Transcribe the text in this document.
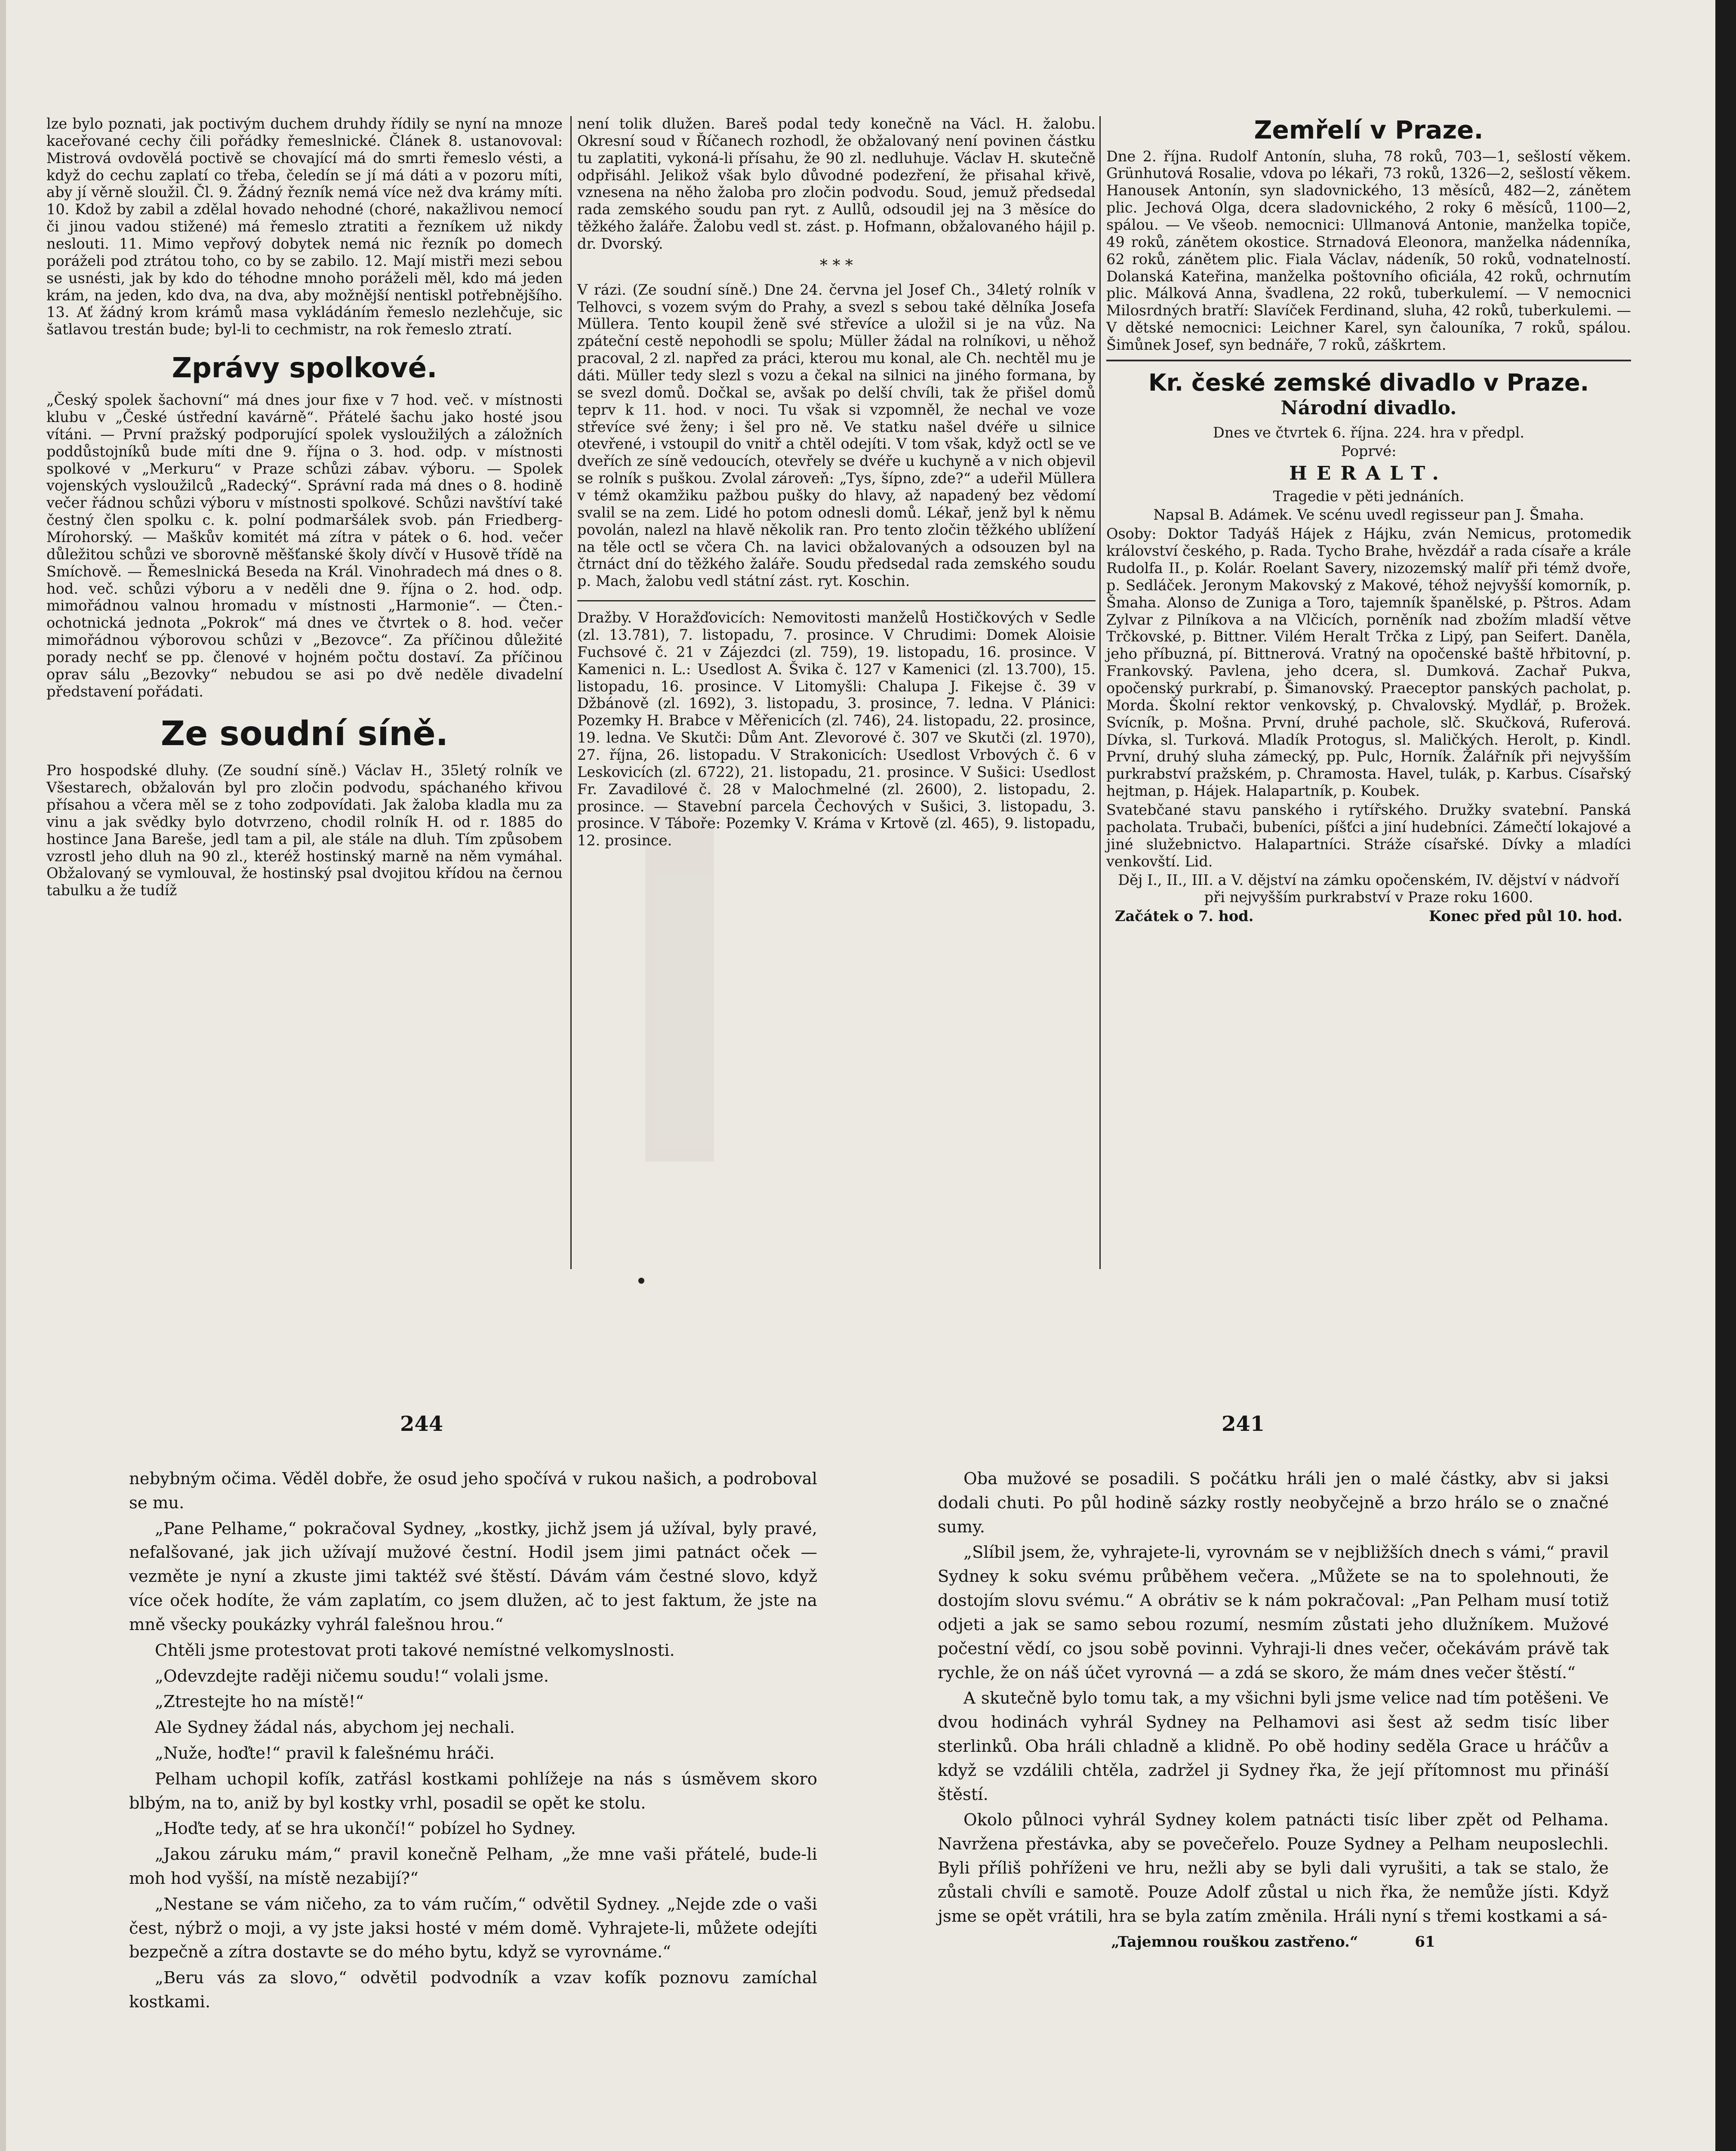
lze bylo poznati, jak poctivým duchem druhdy řídily se nyní na mnoze kaceřované cechy čili pořádky řemeslnické. Článek 8. ustanovoval: Mistrová ovdovělá poctivě se chovající má do smrti řemeslo vésti, a když do cechu zaplatí co třeba, čeledín se jí má dáti a v pozoru míti, aby jí věrně sloužil. Čl. 9. Žádný řezník nemá více než dva krámy míti. 10. Kdož by zabil a zdělal hovado nehodné (choré, nakažlivou nemocí či jinou vadou stižené) má řemeslo ztratiti a řezníkem už nikdy neslouti. 11. Mimo vepřový dobytek nemá nic řezník po domech poráželi pod ztrátou toho, co by se zabilo. 12. Mají mistři mezi sebou se usnésti, jak by kdo do téhodne mnoho poráželi měl, kdo má jeden krám, na jeden, kdo dva, na dva, aby možnější nentiskl potřebnějšího. 13. Ať žádný krom krámů masa vykládáním řemeslo nezlehčuje, sic šatlavou trestán bude; byl-li to cechmistr, na rok řemeslo ztratí.

Zprávy spolkové.

„Český spolek šachovní“ má dnes jour fixe v 7 hod. več. v místnosti klubu v „České ústřední kavárně“. Přátelé šachu jako hosté jsou vítáni. — První pražský podporující spolek vysloužilých a záložních poddůstojníků bude míti dne 9. října o 3. hod. odp. v místnosti spolkové v „Merkuru“ v Praze schůzi zábav. výboru. — Spolek vojenských vysloužilců „Radecký“. Správní rada má dnes o 8. hodině večer řádnou schůzi výboru v místnosti spolkové. Schůzi navštíví také čestný člen spolku c. k. polní podmaršálek svob. pán Friedberg-Mírohorský. — Maškův komitét má zítra v pátek o 6. hod. večer důležitou schůzi ve sborovně měšťanské školy dívčí v Husově třídě na Smíchově. — Řemeslnická Beseda na Král. Vinohradech má dnes o 8. hod. več. schůzi výboru a v neděli dne 9. října o 2. hod. odp. mimořádnou valnou hromadu v místnosti „Harmonie“. — Čten.-ochotnická jednota „Pokrok“ má dnes ve čtvrtek o 8. hod. večer mimořádnou výborovou schůzi v „Bezovce“. Za příčinou důležité porady nechť se pp. členové v hojném počtu dostaví. Za příčinou oprav sálu „Bezovky“ nebudou se asi po dvě neděle divadelní představení pořádati.

Ze soudní síně.

Pro hospodské dluhy. (Ze soudní síně.) Václav H., 35letý rolník ve Všestarech, obžalován byl pro zločin podvodu, spáchaného křivou přísahou a včera měl se z toho zodpovídati. Jak žaloba kladla mu za vinu a jak svědky bylo dotvrzeno, chodil rolník H. od r. 1885 do hostince Jana Bareše, jedl tam a pil, ale stále na dluh. Tím způsobem vzrostl jeho dluh na 90 zl., kteréž hostinský marně na něm vymáhal. Obžalovaný se vymlouval, že hostinský psal dvojitou křídou na černou tabulku a že tudíž

není tolik dlužen. Bareš podal tedy konečně na Václ. H. žalobu. Okresní soud v Říčanech rozhodl, že obžalovaný není povinen částku tu zaplatiti, vykoná-li přísahu, že 90 zl. nedluhuje. Václav H. skutečně odpřisáhl. Jelikož však bylo důvodné podezření, že přisahal křivě, vznesena na něho žaloba pro zločin podvodu. Soud, jemuž předsedal rada zemského soudu pan ryt. z Aullů, odsoudil jej na 3 měsíce do těžkého žaláře. Žalobu vedl st. zást. p. Hofmann, obžalovaného hájil p. dr. Dvorský.

* * *

V rázi. (Ze soudní síně.) Dne 24. června jel Josef Ch., 34letý rolník v Telhovci, s vozem svým do Prahy, a svezl s sebou také dělníka Josefa Müllera. Tento koupil ženě své střevíce a uložil si je na vůz. Na zpáteční cestě nepohodli se spolu; Müller žádal na rolníkovi, u něhož pracoval, 2 zl. napřed za práci, kterou mu konal, ale Ch. nechtěl mu je dáti. Müller tedy slezl s vozu a čekal na silnici na jiného formana, by se svezl domů. Dočkal se, avšak po delší chvíli, tak že přišel domů teprv k 11. hod. v noci. Tu však si vzpomněl, že nechal ve voze střevíce své ženy; i šel pro ně. Ve statku našel dvéře u silnice otevřené, i vstoupil do vnitř a chtěl odejíti. V tom však, když octl se ve dveřích ze síně vedoucích, otevřely se dvéře u kuchyně a v nich objevil se rolník s puškou. Zvolal zároveň: „Tys, šípno, zde?“ a udeřil Müllera v témž okamžiku pažbou pušky do hlavy, až napadený bez vědomí svalil se na zem. Lidé ho potom odnesli domů. Lékař, jenž byl k němu povolán, nalezl na hlavě několik ran. Pro tento zločin těžkého ublížení na těle octl se včera Ch. na lavici obžalovaných a odsouzen byl na čtrnáct dní do těžkého žaláře. Soudu předsedal rada zemského soudu p. Mach, žalobu vedl státní zást. ryt. Koschin.

Dražby. V Horažďovicích: Nemovitosti manželů Hostičkových v Sedle (zl. 13.781), 7. listopadu, 7. prosince. V Chrudimi: Domek Aloisie Fuchsové č. 21 v Zájezdci (zl. 759), 19. listopadu, 16. prosince. V Kamenici n. L.: Usedlost A. Švika č. 127 v Kamenici (zl. 13.700), 15. listopadu, 16. prosince. V Litomyšli: Chalupa J. Fikejse č. 39 v Džbánově (zl. 1692), 3. listopadu, 3. prosince, 7. ledna. V Plánici: Pozemky H. Brabce v Měřenicích (zl. 746), 24. listopadu, 22. prosince, 19. ledna. Ve Skutči: Dům Ant. Zlevorové č. 307 ve Skutči (zl. 1970), 27. října, 26. listopadu. V Strakonicích: Usedlost Vrbových č. 6 v Leskovicích (zl. 6722), 21. listopadu, 21. prosince. V Sušici: Usedlost Fr. Zavadilové č. 28 v Malochmelné (zl. 2600), 2. listopadu, 2. prosince. — Stavební parcela Čechových v Sušici, 3. listopadu, 3. prosince. V Táboře: Pozemky V. Kráma v Krtově (zl. 465), 9. listopadu, 12. prosince.

Zemřelí v Praze.

Dne 2. října. Rudolf Antonín, sluha, 78 roků, 703—1, sešlostí věkem. Grünhutová Rosalie, vdova po lékaři, 73 roků, 1326—2, sešlostí věkem. Hanousek Antonín, syn sladovnického, 13 měsíců, 482—2, zánětem plic. Jechová Olga, dcera sladovnického, 2 roky 6 měsíců, 1100—2, spálou. — Ve všeob. nemocnici: Ullmanová Antonie, manželka topiče, 49 roků, zánětem okostice. Strnadová Eleonora, manželka nádenníka, 62 roků, zánětem plic. Fiala Václav, nádeník, 50 roků, vodnatelností. Dolanská Kateřina, manželka poštovního oficiála, 42 roků, ochrnutím plic. Málková Anna, švadlena, 22 roků, tuberkulemí. — V nemocnici Milosrdných bratří: Slavíček Ferdinand, sluha, 42 roků, tuberkulemi. — V dětské nemocnici: Leichner Karel, syn čalouníka, 7 roků, spálou. Šimůnek Josef, syn bednáře, 7 roků, záškrtem.

Kr. české zemské divadlo v Praze.
Národní divadlo.

Dnes ve čtvrtek 6. října. 224. hra v předpl.

Poprvé:

HERALT.

Tragedie v pěti jednáních.

Napsal B. Adámek. Ve scénu uvedl regisseur pan J. Šmaha.

Osoby: Doktor Tadyáš Hájek z Hájku, zván Nemicus, protomedik království českého, p. Rada. Tycho Brahe, hvězdář a rada císaře a krále Rudolfa II., p. Kolár. Roelant Savery, nizozemský malíř při témž dvoře, p. Sedláček. Jeronym Makovský z Makové, téhož nejvyšší komorník, p. Šmaha. Alonso de Zuniga a Toro, tajemník španělské, p. Pštros. Adam Zylvar z Pilníkova a na Vlčicích, porněník nad zbožím mladší větve Trčkovské, p. Bittner. Vilém Heralt Trčka z Lipý, pan Seifert. Daněla, jeho příbuzná, pí. Bittnerová. Vratný na opočenské baště hřbitovní, p. Frankovský. Pavlena, jeho dcera, sl. Dumková. Zachař Pukva, opočenský purkrabí, p. Šimanovský. Praeceptor panských pacholat, p. Morda. Školní rektor venkovský, p. Chvalovský. Mydlář, p. Brožek. Svícník, p. Mošna. První, druhé pachole, slč. Skučková, Ruferová. Dívka, sl. Turková. Mladík Protogus, sl. Maličkých. Herolt, p. Kindl. První, druhý sluha zámecký, pp. Pulc, Horník. Žalářník při nejvyšším purkrabství pražském, p. Chramosta. Havel, tulák, p. Karbus. Císařský hejtman, p. Hájek. Halapartník, p. Koubek.

Svatebčané stavu panského i rytířského. Družky svatební. Panská pacholata. Trubači, bubeníci, píšťci a jiní hudebníci. Zámečtí lokajové a jiné služebnictvo. Halapartníci. Stráže císařské. Dívky a mladíci venkovští. Lid.

Děj I., II., III. a V. dějství na zámku opočenském, IV. dějství v nádvoří při nejvyšším purkrabství v Praze roku 1600.

Začátek o 7. hod.	Konec před půl 10. hod.
244	241

nebybným očima. Věděl dobře, že osud jeho spočívá v rukou našich, a podroboval se mu.

„Pane Pelhame,“ pokračoval Sydney, „kostky, jichž jsem já užíval, byly pravé, nefalšované, jak jich užívají mužové čestní. Hodil jsem jimi patnáct oček — vezměte je nyní a zkuste jimi taktéž své štěstí. Dávám vám čestné slovo, když více oček hodíte, že vám zaplatím, co jsem dlužen, ač to jest faktum, že jste na mně všecky poukázky vyhrál falešnou hrou.“

Chtěli jsme protestovat proti takové nemístné velkomyslnosti.

„Odevzdejte raději ničemu soudu!“ volali jsme.

„Ztrestejte ho na místě!“

Ale Sydney žádal nás, abychom jej nechali.

„Nuže, hoďte!“ pravil k falešnému hráči.

Pelham uchopil kofík, zatřásl kostkami pohlížeje na nás s úsměvem skoro blbým, na to, aniž by byl kostky vrhl, posadil se opět ke stolu.

„Hoďte tedy, ať se hra ukončí!“ pobízel ho Sydney.

„Jakou záruku mám,“ pravil konečně Pelham, „že mne vaši přátelé, bude-li moh hod vyšší, na místě nezabijí?“

„Nestane se vám ničeho, za to vám ručím,“ odvětil Sydney. „Nejde zde o vaši čest, nýbrž o moji, a vy jste jaksi hosté v mém domě. Vyhrajete-li, můžete odejíti bezpečně a zítra dostavte se do mého bytu, když se vyrovnáme.“

„Beru vás za slovo,“ odvětil podvodník a vzav kofík poznovu zamíchal kostkami.

Oba mužové se posadili. S počátku hráli jen o malé částky, abv si jaksi dodali chuti. Po půl hodině sázky rostly neobyčejně a brzo hrálo se o značné sumy.

„Slíbil jsem, že, vyhrajete-li, vyrovnám se v nejbližších dnech s vámi,“ pravil Sydney k soku svému průběhem večera. „Můžete se na to spolehnouti, že dostojím slovu svému.“ A obrátiv se k nám pokračoval: „Pan Pelham musí totiž odjeti a jak se samo sebou rozumí, nesmím zůstati jeho dlužníkem. Mužové počestní vědí, co jsou sobě povinni. Vyhraji-li dnes večer, očekávám právě tak rychle, že on náš účet vyrovná — a zdá se skoro, že mám dnes večer štěstí.“

A skutečně bylo tomu tak, a my všichni byli jsme velice nad tím potěšeni. Ve dvou hodinách vyhrál Sydney na Pelhamovi asi šest až sedm tisíc liber sterlinků. Oba hráli chladně a klidně. Po obě hodiny seděla Grace u hráčův a když se vzdálili chtěla, zadržel ji Sydney řka, že její přítomnost mu přináší štěstí.

Okolo půlnoci vyhrál Sydney kolem patnácti tisíc liber zpět od Pelhama. Navržena přestávka, aby se povečeřelo. Pouze Sydney a Pelham neuposlechli. Byli příliš pohříženi ve hru, nežli aby se byli dali vyrušiti, a tak se stalo, že zůstali chvíli e samotě. Pouze Adolf zůstal u nich řka, že nemůže jísti. Když jsme se opět vrátili, hra se byla zatím změnila. Hráli nyní s třemi kostkami a sá-

„Tajemnou rouškou zastřeno.“	61
